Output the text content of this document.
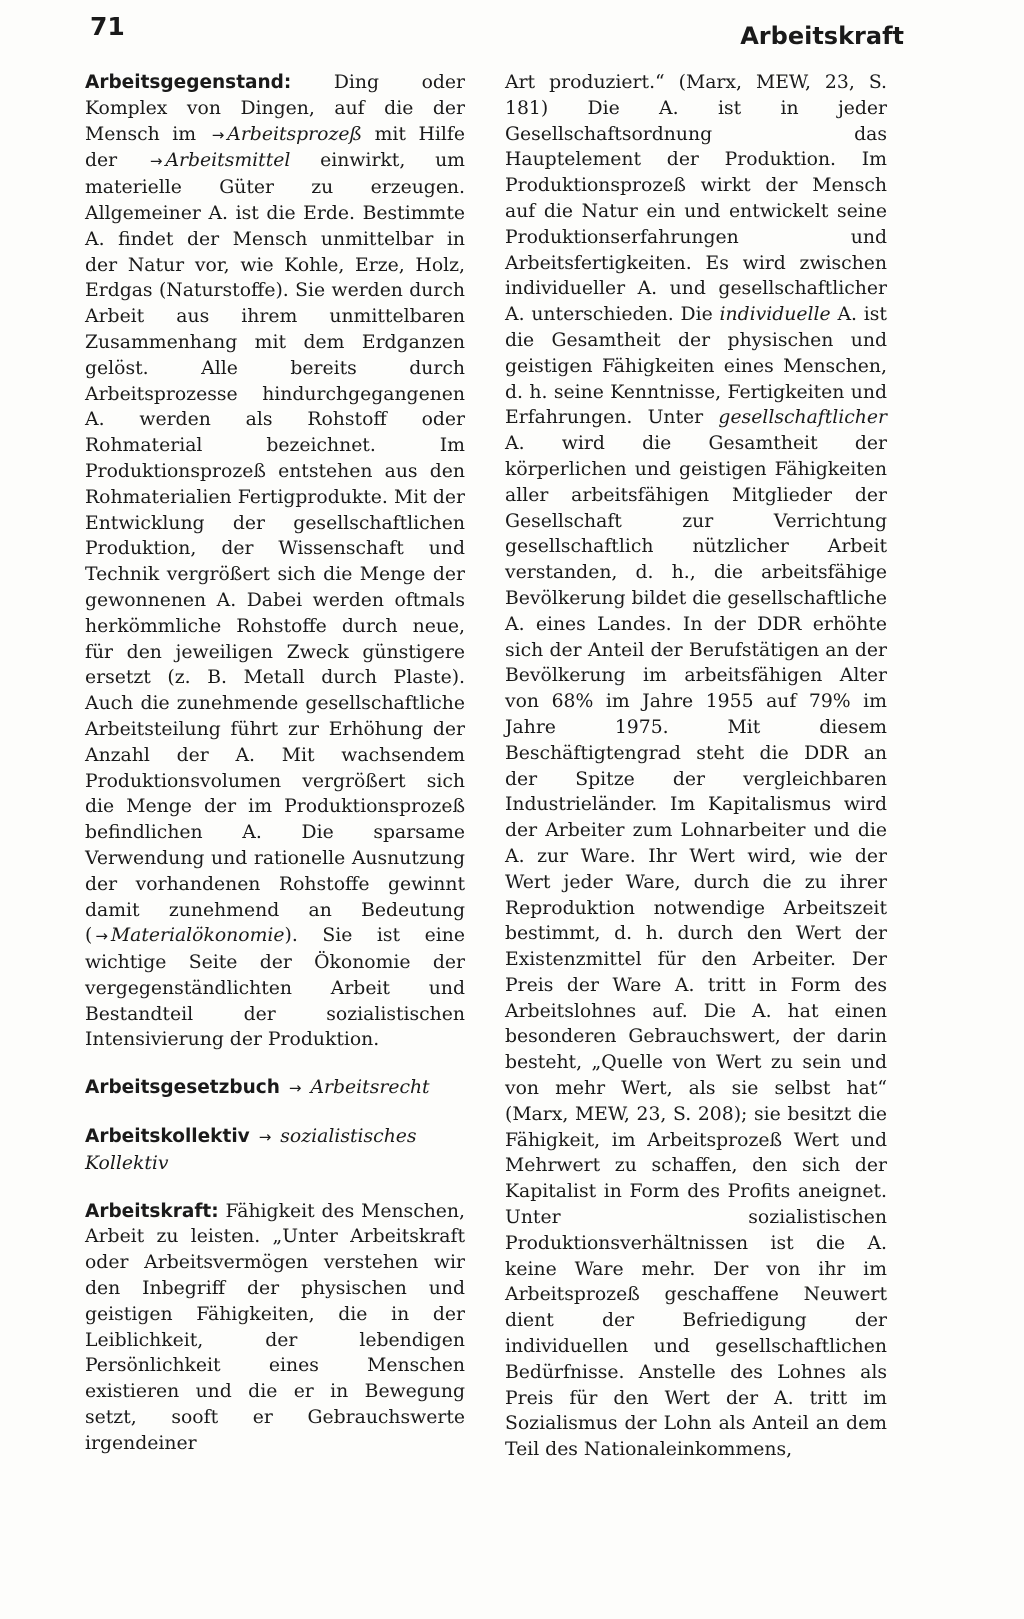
71	Arbeitskraft

Arbeitsgegenstand: Ding oder Komplex von Dingen, auf die der Mensch im → Arbeitsprozeß mit Hilfe der → Arbeitsmittel einwirkt, um materielle Güter zu erzeugen. Allgemeiner A. ist die Erde. Bestimmte A. findet der Mensch unmittelbar in der Natur vor, wie Kohle, Erze, Holz, Erdgas (Naturstoffe). Sie werden durch Arbeit aus ihrem unmittelbaren Zusammenhang mit dem Erdganzen gelöst. Alle bereits durch Arbeitsprozesse hindurchgegangenen A. werden als Rohstoff oder Rohmaterial bezeichnet. Im Produktionsprozeß entstehen aus den Rohmaterialien Fertigprodukte. Mit der Entwicklung der gesellschaftlichen Produktion, der Wissenschaft und Technik vergrößert sich die Menge der gewonnenen A. Dabei werden oftmals herkömmliche Rohstoffe durch neue, für den jeweiligen Zweck günstigere ersetzt (z. B. Metall durch Plaste). Auch die zunehmende gesellschaftliche Arbeitsteilung führt zur Erhöhung der Anzahl der A. Mit wachsendem Produktionsvolumen vergrößert sich die Menge der im Produktionsprozeß befindlichen A. Die sparsame Verwendung und rationelle Ausnutzung der vorhandenen Rohstoffe gewinnt damit zunehmend an Bedeutung ( → Materialökonomie). Sie ist eine wichtige Seite der Ökonomie der vergegenständlichten Arbeit und Bestandteil der sozialistischen Intensivierung der Produktion.

Arbeitsgesetzbuch → Arbeitsrecht

Arbeitskollektiv → sozialistisches Kollektiv

Arbeitskraft: Fähigkeit des Menschen, Arbeit zu leisten. „Unter Arbeitskraft oder Arbeitsvermögen verstehen wir den Inbegriff der physischen und geistigen Fähigkeiten, die in der Leiblichkeit, der lebendigen Persönlichkeit eines Menschen existieren und die er in Bewegung setzt, sooft er Gebrauchswerte irgendeiner

Art produziert.“ (Marx, MEW, 23, S. 181) Die A. ist in jeder Gesellschaftsordnung das Hauptelement der Produktion. Im Produktionsprozeß wirkt der Mensch auf die Natur ein und entwickelt seine Produktionserfahrungen und Arbeitsfertigkeiten. Es wird zwischen individueller A. und gesellschaftlicher A. unterschieden. Die individuelle A. ist die Gesamtheit der physischen und geistigen Fähigkeiten eines Menschen, d. h. seine Kenntnisse, Fertigkeiten und Erfahrungen. Unter gesellschaftlicher A. wird die Gesamtheit der körperlichen und geistigen Fähigkeiten aller arbeitsfähigen Mitglieder der Gesellschaft zur Verrichtung gesellschaftlich nützlicher Arbeit verstanden, d. h., die arbeitsfähige Bevölkerung bildet die gesellschaftliche A. eines Landes. In der DDR erhöhte sich der Anteil der Berufstätigen an der Bevölkerung im arbeitsfähigen Alter von 68% im Jahre 1955 auf 79% im Jahre 1975. Mit diesem Beschäftigtengrad steht die DDR an der Spitze der vergleichbaren Industrieländer. Im Kapitalismus wird der Arbeiter zum Lohnarbeiter und die A. zur Ware. Ihr Wert wird, wie der Wert jeder Ware, durch die zu ihrer Reproduktion notwendige Arbeitszeit bestimmt, d. h. durch den Wert der Existenzmittel für den Arbeiter. Der Preis der Ware A. tritt in Form des Arbeitslohnes auf. Die A. hat einen besonderen Gebrauchswert, der darin besteht, „Quelle von Wert zu sein und von mehr Wert, als sie selbst hat“ (Marx, MEW, 23, S. 208); sie besitzt die Fähigkeit, im Arbeitsprozeß Wert und Mehrwert zu schaffen, den sich der Kapitalist in Form des Profits aneignet. Unter sozialistischen Produktionsverhältnissen ist die A. keine Ware mehr. Der von ihr im Arbeitsprozeß geschaffene Neuwert dient der Befriedigung der individuellen und gesellschaftlichen Bedürfnisse. Anstelle des Lohnes als Preis für den Wert der A. tritt im Sozialismus der Lohn als Anteil an dem Teil des Nationaleinkommens,
